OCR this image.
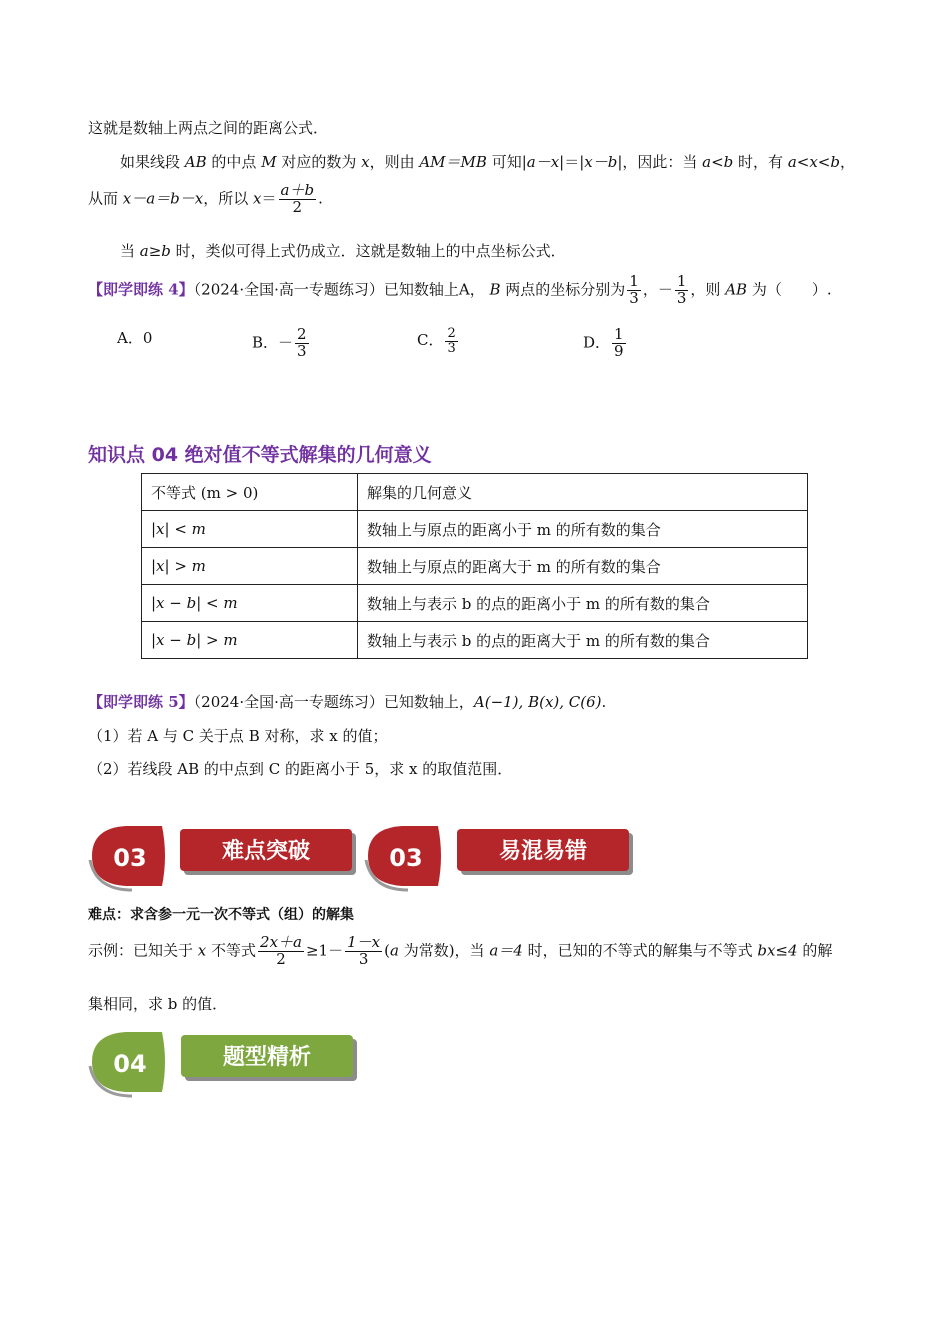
这就是数轴上两点之间的距离公式．
如果线段 AB 的中点 M 对应的数为 x，则由 AM＝MB 可知|a－x|＝|x－b|，因此：当 a<b 时，有 a<x<b，
从而 x－a＝b－x，所以 $x= \frac{a+b}{2}$ .
当 a≥b 时，类似可得上式仍成立．这就是数轴上的中点坐标公式．
【即学即练 4】（2024·全国·高一专题练习）已知数轴上A， B 两点的坐标分别为 $\frac{1}{3}$ ，－ $\frac{1}{3}$ ，则 AB 为（　　）.
A．0	B．－ $\frac{2}{3}$	C． $\frac{2}{3}$	D． $\frac{1}{9}$
知识点 04 绝对值不等式解集的几何意义
不等式 (m > 0)	解集的几何意义
|x| < m	数轴上与原点的距离小于 m 的所有数的集合
|x| > m	数轴上与原点的距离大于 m 的所有数的集合
|x − b| < m	数轴上与表示 b 的点的距离小于 m 的所有数的集合
|x − b| > m	数轴上与表示 b 的点的距离大于 m 的所有数的集合
【即学即练 5】（2024·全国·高一专题练习）已知数轴上，A(−1), B(x), C(6).
（1）若 A 与 C 关于点 B 对称，求 x 的值；
（2）若线段 AB 的中点到 C 的距离小于 5，求 x 的取值范围．
03	难点突破	03	易混易错
难点：求含参一元一次不等式（组）的解集
示例：已知关于 x 不等式 $\frac{2x+a}{2} \ge 1- \frac{1-x}{3} (a$ 为常数)，当 a＝4 时，已知的不等式的解集与不等式 bx≤4 的解
集相同，求 b 的值．
04	题型精析
